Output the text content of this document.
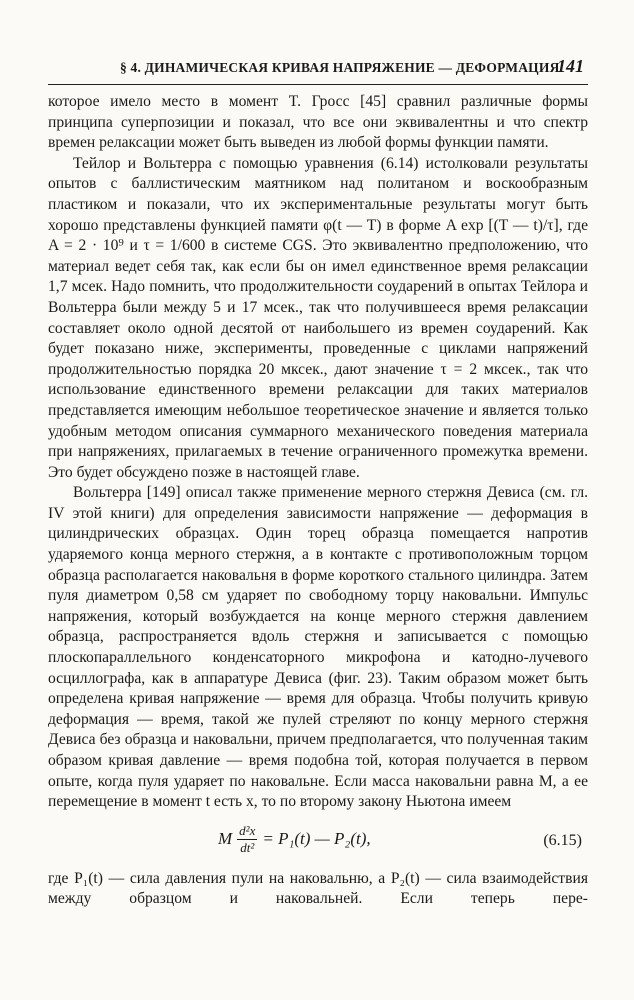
§ 4. ДИНАМИЧЕСКАЯ КРИВАЯ НАПРЯЖЕНИЕ — ДЕФОРМАЦИЯ
141

которое имело место в момент T. Гросс [45] сравнил различные формы принципа суперпозиции и показал, что все они эквивалентны и что спектр времен релаксации может быть выведен из любой формы функции памяти.

Тейлор и Вольтерра с помощью уравнения (6.14) истолковали результаты опытов с баллистическим маятником над политаном и воскообразным пластиком и показали, что их экспериментальные результаты могут быть хорошо представлены функцией памяти φ(t — T) в форме A exp [(T — t)/τ], где A = 2 · 10⁹ и τ = 1/600 в системе CGS. Это эквивалентно предположению, что материал ведет себя так, как если бы он имел единственное время релаксации 1,7 мсек. Надо помнить, что продолжительности соударений в опытах Тейлора и Вольтерра были между 5 и 17 мсек., так что получившееся время релаксации составляет около одной десятой от наибольшего из времен соударений. Как будет показано ниже, эксперименты, проведенные с циклами напряжений продолжительностью порядка 20 мксек., дают значение τ = 2 мксек., так что использование единственного времени релаксации для таких материалов представляется имеющим небольшое теоретическое значение и является только удобным методом описания суммарного механического поведения материала при напряжениях, прилагаемых в течение ограниченного промежутка времени. Это будет обсуждено позже в настоящей главе.

Вольтерра [149] описал также применение мерного стержня Девиса (см. гл. IV этой книги) для определения зависимости напряжение — деформация в цилиндрических образцах. Один торец образца помещается напротив ударяемого конца мерного стержня, а в контакте с противоположным торцом образца располагается наковальня в форме короткого стального цилиндра. Затем пуля диаметром 0,58 см ударяет по свободному торцу наковальни. Импульс напряжения, который возбуждается на конце мерного стержня давлением образца, распространяется вдоль стержня и записывается с помощью плоскопараллельного конденсаторного микрофона и катодно-лучевого осциллографа, как в аппаратуре Девиса (фиг. 23). Таким образом может быть определена кривая напряжение — время для образца. Чтобы получить кривую деформация — время, такой же пулей стреляют по концу мерного стержня Девиса без образца и наковальни, причем предполагается, что полученная таким образом кривая давление — время подобна той, которая получается в первом опыте, когда пуля ударяет по наковальне. Если масса наковальни равна M, а ее перемещение в момент t есть x, то по второму закону Ньютона имеем

M $\frac{\text{d²x}}{\text{dt²}} = P_1(t)$ — P₂(t),	(6.15)

где P₁(t) — сила давления пули на наковальню, а P₂(t) — сила взаимодействия между образцом и наковальней. Если теперь пере-
